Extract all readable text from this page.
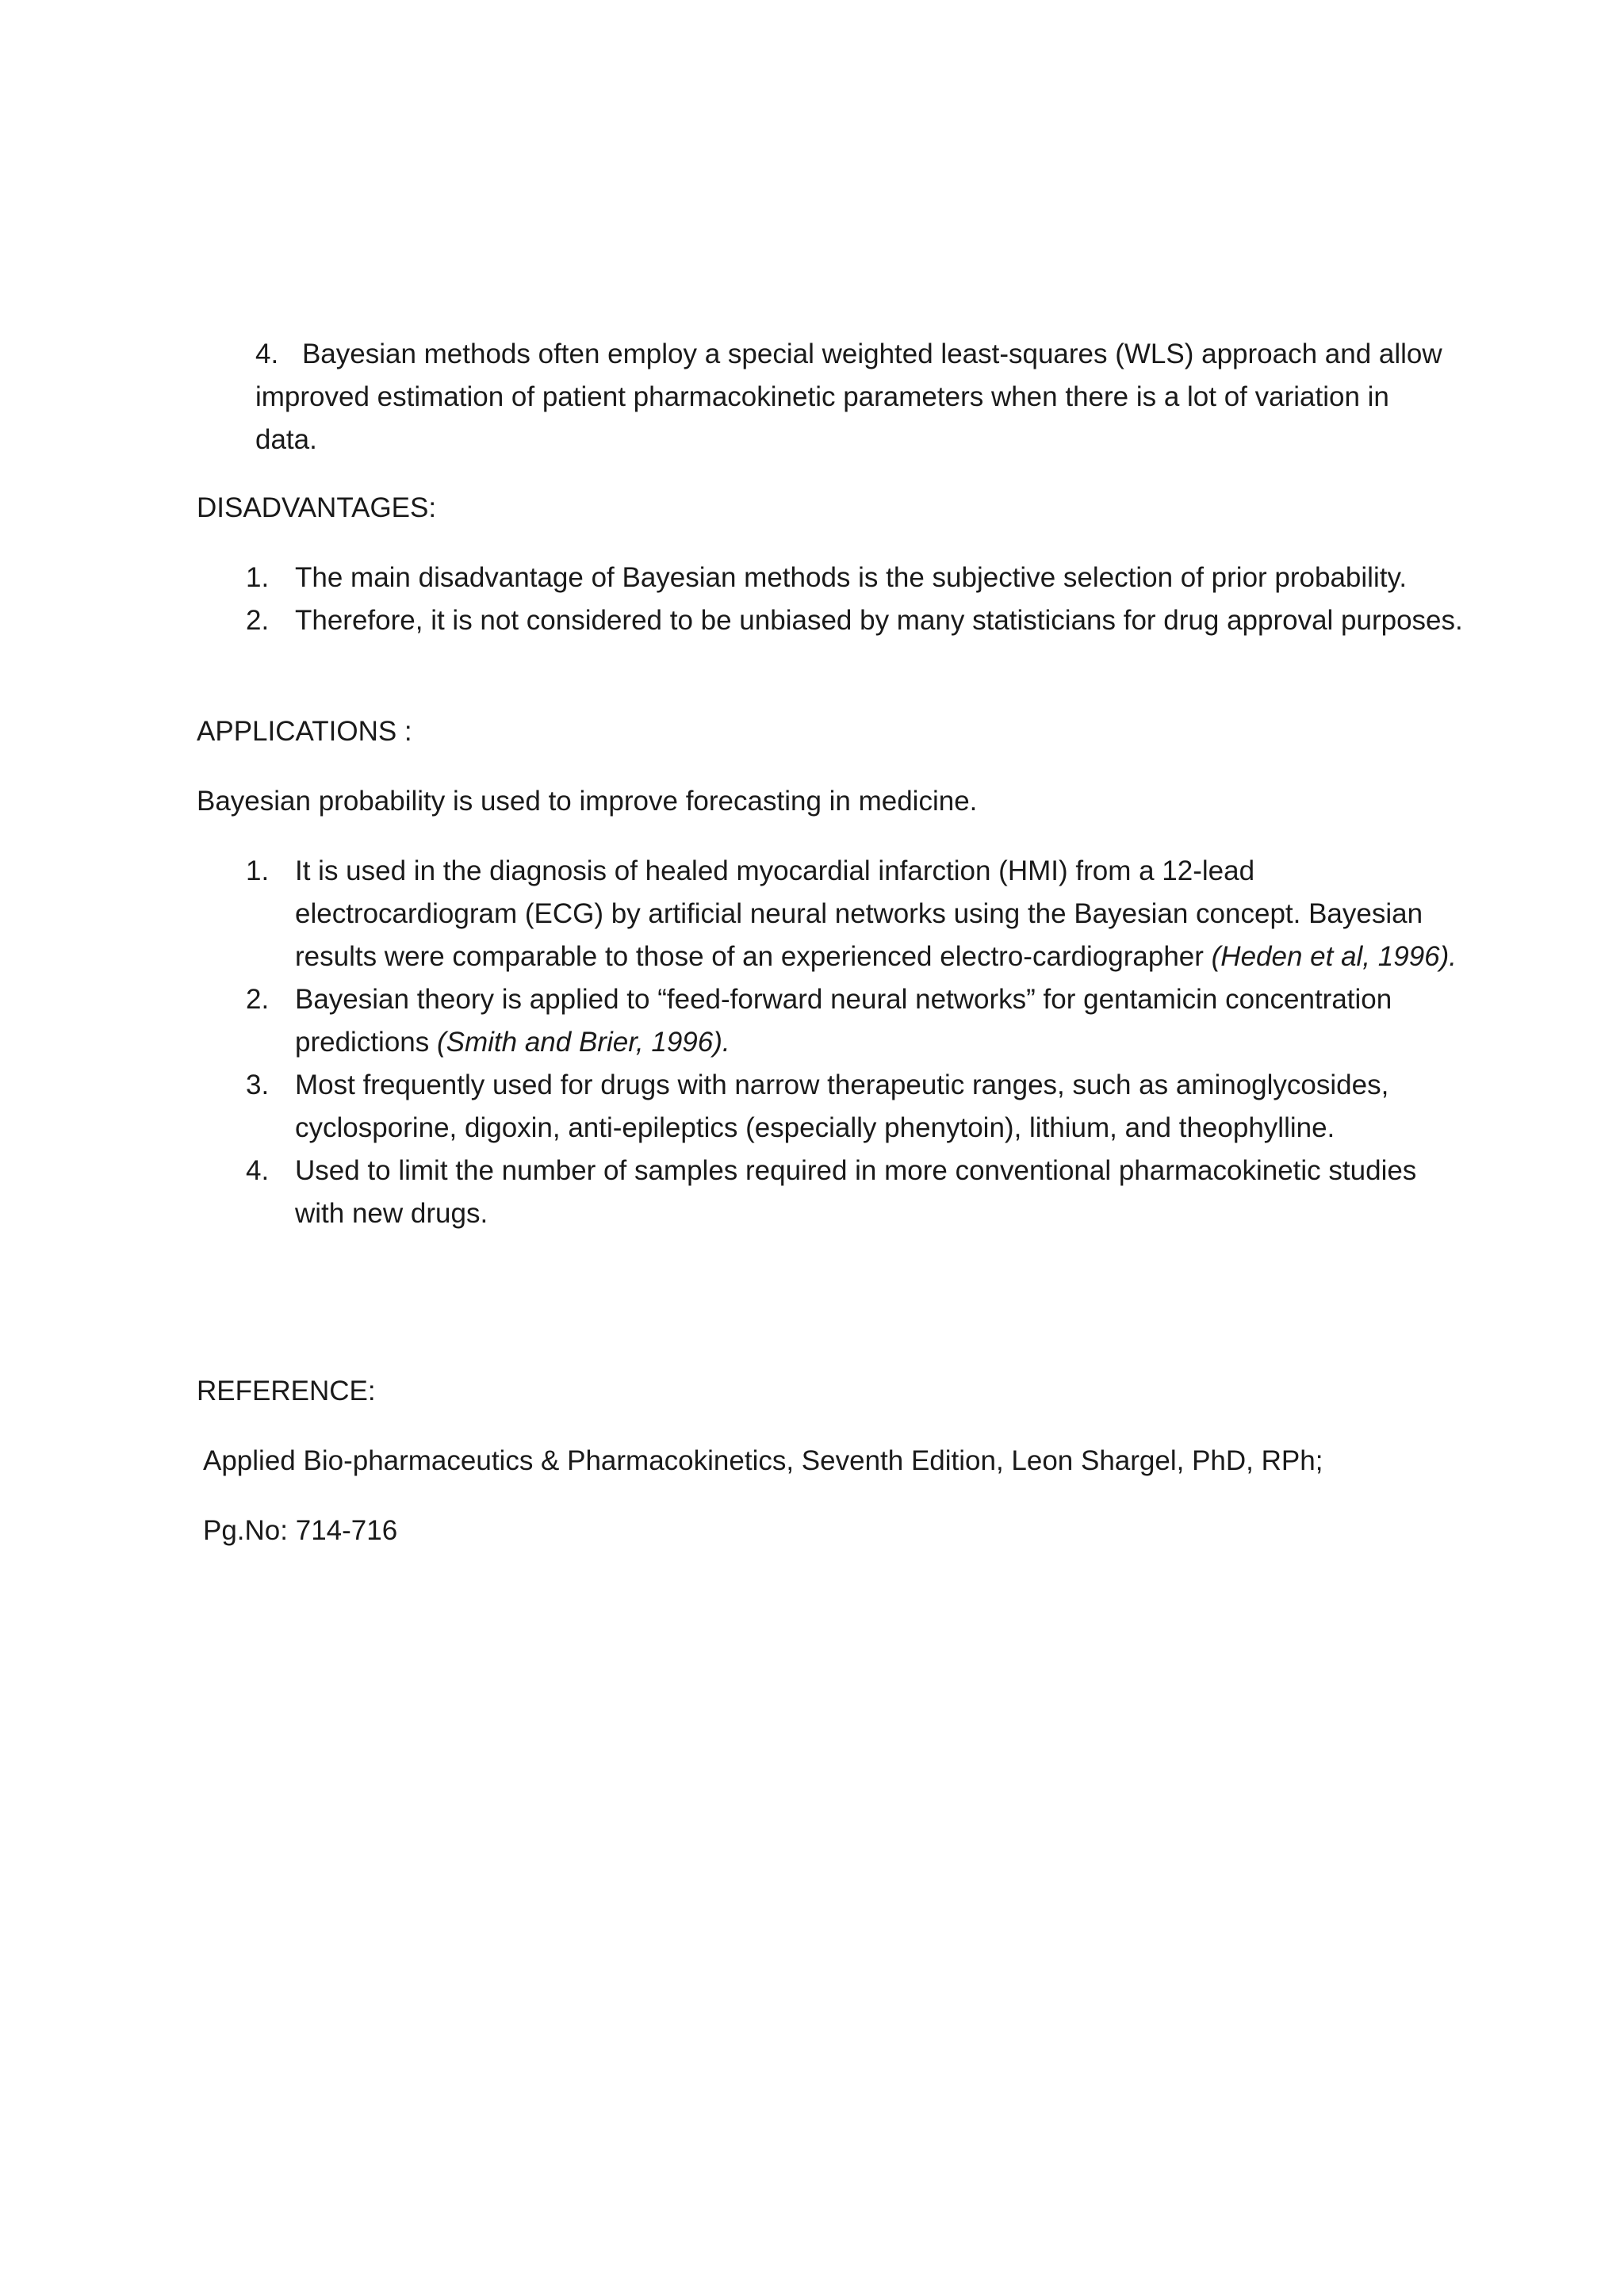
4. Bayesian methods often employ a special weighted least-squares (WLS) approach and allow improved estimation of patient pharmacokinetic parameters when there is a lot of variation in data.

DISADVANTAGES:

1. The main disadvantage of Bayesian methods is the subjective selection of prior probability.
2. Therefore, it is not considered to be unbiased by many statisticians for drug approval purposes.

APPLICATIONS :

Bayesian probability is used to improve forecasting in medicine.

1. It is used in the diagnosis of healed myocardial infarction (HMI) from a 12-lead electrocardiogram (ECG) by artificial neural networks using the Bayesian concept. Bayesian results were comparable to those of an experienced electro-cardiographer (Heden et al, 1996).
2. Bayesian theory is applied to “feed-forward neural networks” for gentamicin concentration predictions (Smith and Brier, 1996).
3. Most frequently used for drugs with narrow therapeutic ranges, such as aminoglycosides, cyclosporine, digoxin, anti-epileptics (especially phenytoin), lithium, and theophylline.
4. Used to limit the number of samples required in more conventional pharmacokinetic studies with new drugs.

REFERENCE:

Applied Bio-pharmaceutics & Pharmacokinetics, Seventh Edition, Leon Shargel, PhD, RPh;

Pg.No: 714-716
